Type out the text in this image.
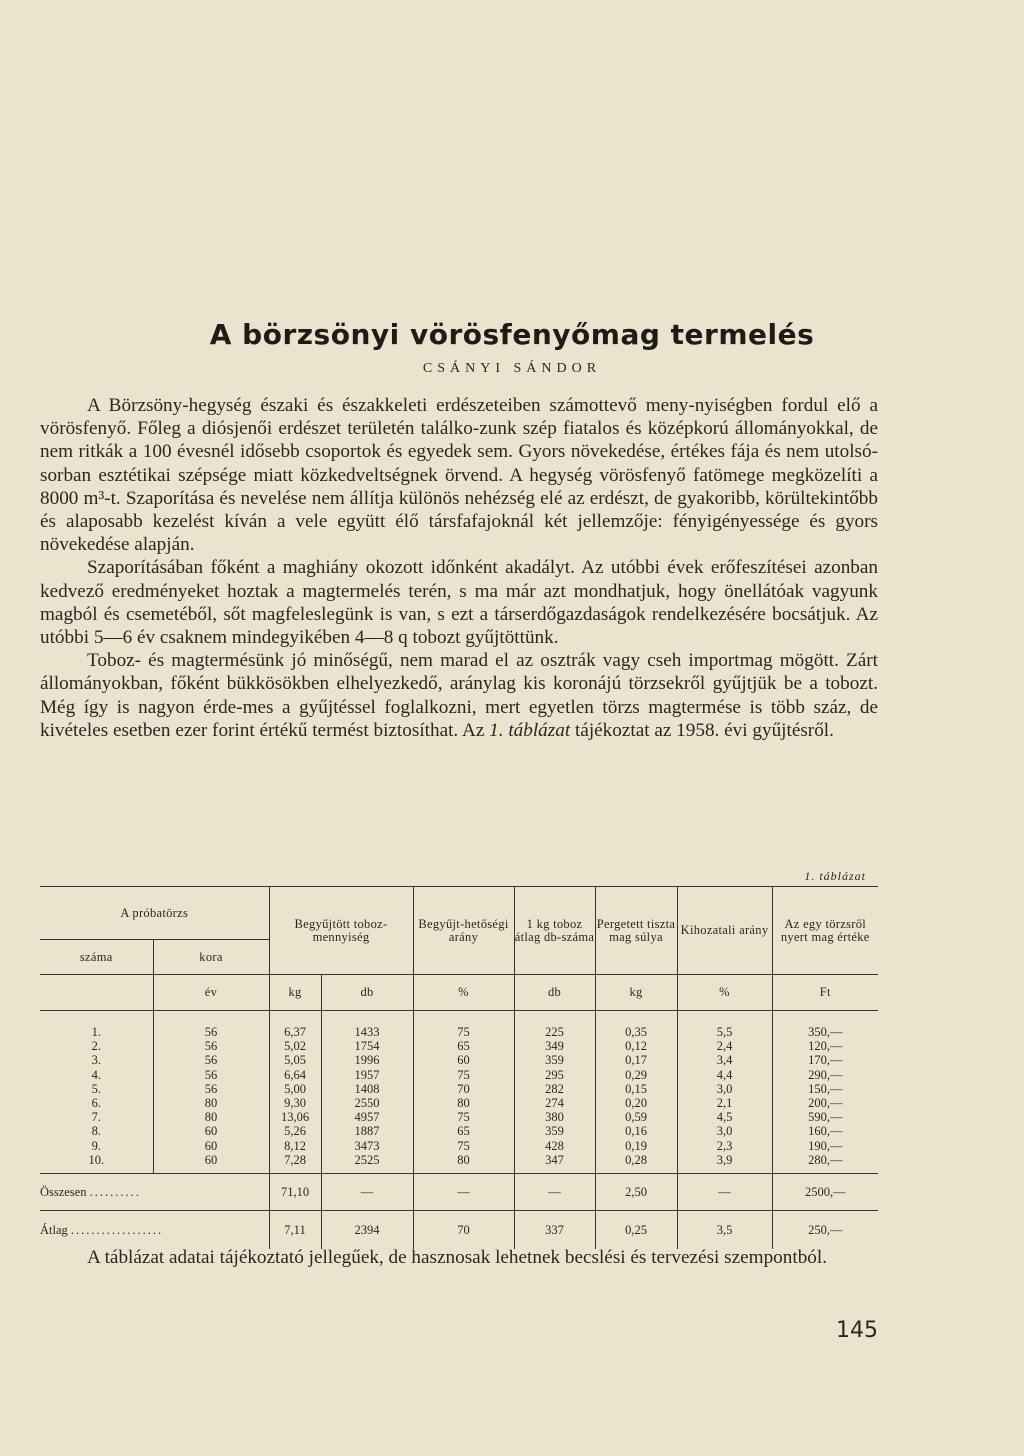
A börzsönyi vörösfenyőmag termelés
CSÁNYI SÁNDOR

A Börzsöny-hegység északi és északkeleti erdészeteiben számottevő meny-nyiségben fordul elő a vörösfenyő. Főleg a diósjenői erdészet területén találko-zunk szép fiatalos és középkorú állományokkal, de nem ritkák a 100 évesnél idősebb csoportok és egyedek sem. Gyors növekedése, értékes fája és nem utolsó-sorban esztétikai szépsége miatt közkedveltségnek örvend. A hegység vörösfenyő fatömege megközelíti a 8000 m³-t. Szaporítása és nevelése nem állítja különös nehézség elé az erdészt, de gyakoribb, körültekintőbb és alaposabb kezelést kíván a vele együtt élő társfafajoknál két jellemzője: fényigényessége és gyors növekedése alapján.

Szaporításában főként a maghiány okozott időnként akadályt. Az utóbbi évek erőfeszítései azonban kedvező eredményeket hoztak a magtermelés terén, s ma már azt mondhatjuk, hogy önellátóak vagyunk magból és csemetéből, sőt magfeleslegünk is van, s ezt a társerdőgazdaságok rendelkezésére bocsátjuk. Az utóbbi 5—6 év csaknem mindegyikében 4—8 q tobozt gyűjtöttünk.

Toboz- és magtermésünk jó minőségű, nem marad el az osztrák vagy cseh importmag mögött. Zárt állományokban, főként bükkösökben elhelyezkedő, aránylag kis koronájú törzsekről gyűjtjük be a tobozt. Még így is nagyon érde-mes a gyűjtéssel foglalkozni, mert egyetlen törzs magtermése is több száz, de kivételes esetben ezer forint értékű termést biztosíthat. Az 1. táblázat tájékoztat az 1958. évi gyűjtésről.

1. táblázat
A próbatörzs		Begyűjtött toboz-mennyiség		Begyűjt-hetőségi arány	1 kg toboz átlag db-száma	Pergetett tiszta mag súlya	Kihozatali arány	Az egy törzsről nyert mag értéke
száma	kora							
	év	kg	db	%	db	kg	%	Ft

1.	56	6,37	1433	75	225	0,35	5,5	350,—
2.	56	5,02	1754	65	349	0,12	2,4	120,—
3.	56	5,05	1996	60	359	0,17	3,4	170,—
4.	56	6,64	1957	75	295	0,29	4,4	290,—
5.	56	5,00	1408	70	282	0,15	3,0	150,—
6.	80	9,30	2550	80	274	0,20	2,1	200,—
7.	80	13,06	4957	75	380	0,59	4,5	590,—
8.	60	5,26	1887	65	359	0,16	3,0	160,—
9.	60	8,12	3473	75	428	0,19	2,3	190,—
10.	60	7,28	2525	80	347	0,28	3,9	280,—

Összesen ..........		71,10	—	—	—	2,50	—	2500,—
Átlag ..................		7,11	2394	70	337	0,25	3,5	250,—

A táblázat adatai tájékoztató jellegűek, de hasznosak lehetnek becslési és tervezési szempontból.

145
